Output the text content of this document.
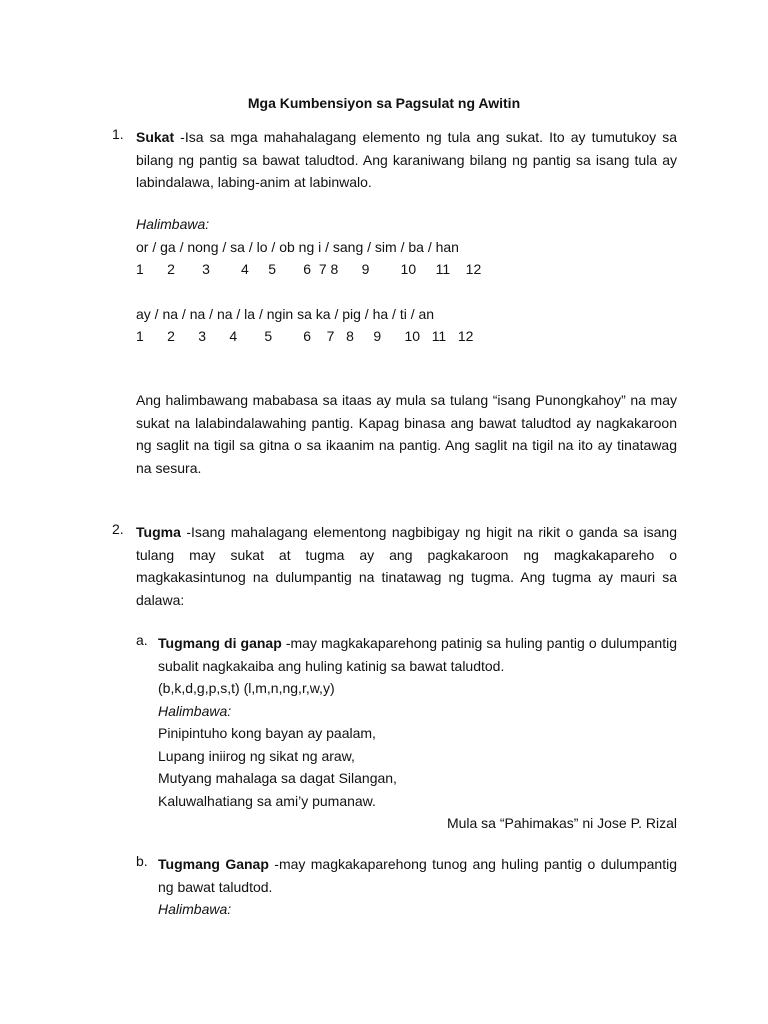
Mga Kumbensiyon sa Pagsulat ng Awitin
1. Sukat -Isa sa mga mahahalagang elemento ng tula ang sukat. Ito ay tumutukoy sa bilang ng pantig sa bawat taludtod. Ang karaniwang bilang ng pantig sa isang tula ay labindalawa, labing-anim at labinwalo.
Halimbawa:
or / ga / nong / sa / lo / ob ng i / sang / sim / ba / han
1      2       3        4     5       6  7 8      9        10     11    12
ay / na / na / na / la / ngin sa ka / pig / ha / ti / an
1      2      3      4       5        6    7   8     9      10   11   12
Ang halimbawang mababasa sa itaas ay mula sa tulang “isang Punongkahoy” na may sukat na lalabindalawahing pantig. Kapag binasa ang bawat taludtod ay nagkakaroon ng saglit na tigil sa gitna o sa ikaanim na pantig. Ang saglit na tigil na ito ay tinatawag na sesura.
2. Tugma -Isang mahalagang elementong nagbibigay ng higit na rikit o ganda sa isang tulang may sukat at tugma ay ang pagkakaroon ng magkakapareho o magkakasintunog na dulumpantig na tinatawag ng tugma. Ang tugma ay mauri sa dalawa:
a. Tugmang di ganap -may magkakaparehong patinig sa huling pantig o dulumpantig subalit nagkakaiba ang huling katinig sa bawat taludtod.
(b,k,d,g,p,s,t) (l,m,n,ng,r,w,y)
Halimbawa:
Pinipintuho kong bayan ay paalam,
Lupang iniirog ng sikat ng araw,
Mutyang mahalaga sa dagat Silangan,
Kaluwalhatiang sa ami’y pumanaw.
Mula sa “Pahimakas” ni Jose P. Rizal
b. Tugmang Ganap -may magkakaparehong tunog ang huling pantig o dulumpantig ng bawat taludtod.
Halimbawa:
